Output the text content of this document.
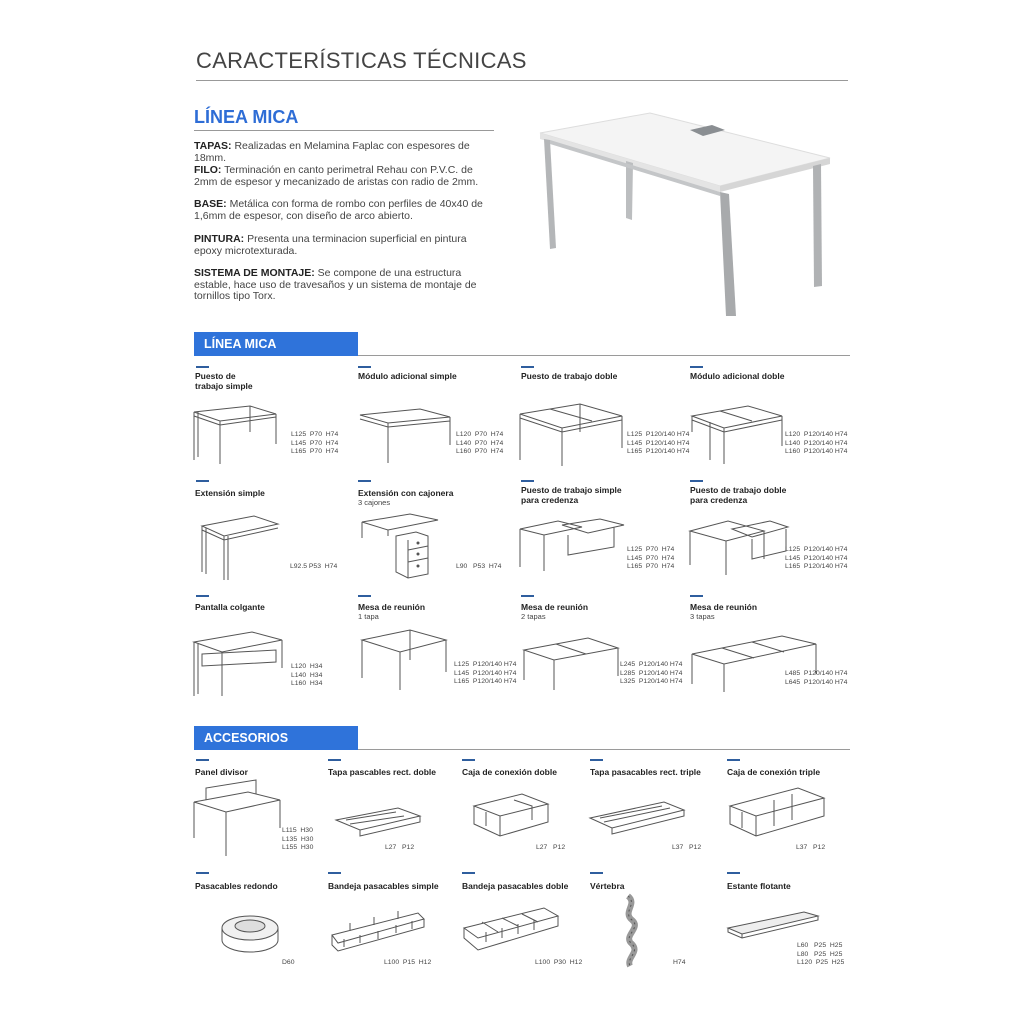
CARACTERÍSTICAS TÉCNICAS
LÍNEA MICA
TAPAS: Realizadas en Melamina Faplac con espesores de 18mm.
FILO: Terminación en canto perimetral Rehau con P.V.C. de 2mm de espesor y mecanizado de aristas con radio de 2mm.
BASE: Metálica con forma de rombo con perfiles de 40x40 de 1,6mm de espesor, con diseño de arco abierto.
PINTURA: Presenta una terminacion superficial en pintura epoxy microtexturada.
SISTEMA DE MONTAJE: Se compone de una estructura estable, hace uso de travesaños y un sistema de montaje de tornillos tipo Torx.
LÍNEA MICA
Puesto de trabajo simple
L125  P70  H74
L145  P70  H74
L165  P70  H74
Módulo adicional simple
L120  P70  H74
L140  P70  H74
L160  P70  H74
Puesto de trabajo doble
L125  P120/140 H74
L145  P120/140 H74
L165  P120/140 H74
Módulo adicional doble
L120  P120/140 H74
L140  P120/140 H74
L160  P120/140 H74
Extensión simple
L92.5 P53  H74
Extensión con cajonera
3 cajones
L90   P53  H74
Puesto de trabajo simple para credenza
L125  P70  H74
L145  P70  H74
L165  P70  H74
Puesto de trabajo doble para credenza
L125  P120/140 H74
L145  P120/140 H74
L165  P120/140 H74
Pantalla colgante
L120  H34
L140  H34
L160  H34
Mesa de reunión
1 tapa
L125  P120/140 H74
L145  P120/140 H74
L165  P120/140 H74
Mesa de reunión
2 tapas
L245  P120/140 H74
L285  P120/140 H74
L325  P120/140 H74
Mesa de reunión
3 tapas
L485  P120/140 H74
L645  P120/140 H74
ACCESORIOS
Panel divisor
L115  H30
L135  H30
L155  H30
Tapa pascables rect. doble
L27   P12
Caja de conexión doble
L27   P12
Tapa pasacables rect. triple
L37   P12
Caja de conexión triple
L37   P12
Pasacables redondo
D60
Bandeja pasacables simple
L100  P15  H12
Bandeja pasacables doble
L100  P30  H12
Vértebra
H74
Estante flotante
L60   P25  H25
L80   P25  H25
L120  P25  H25
